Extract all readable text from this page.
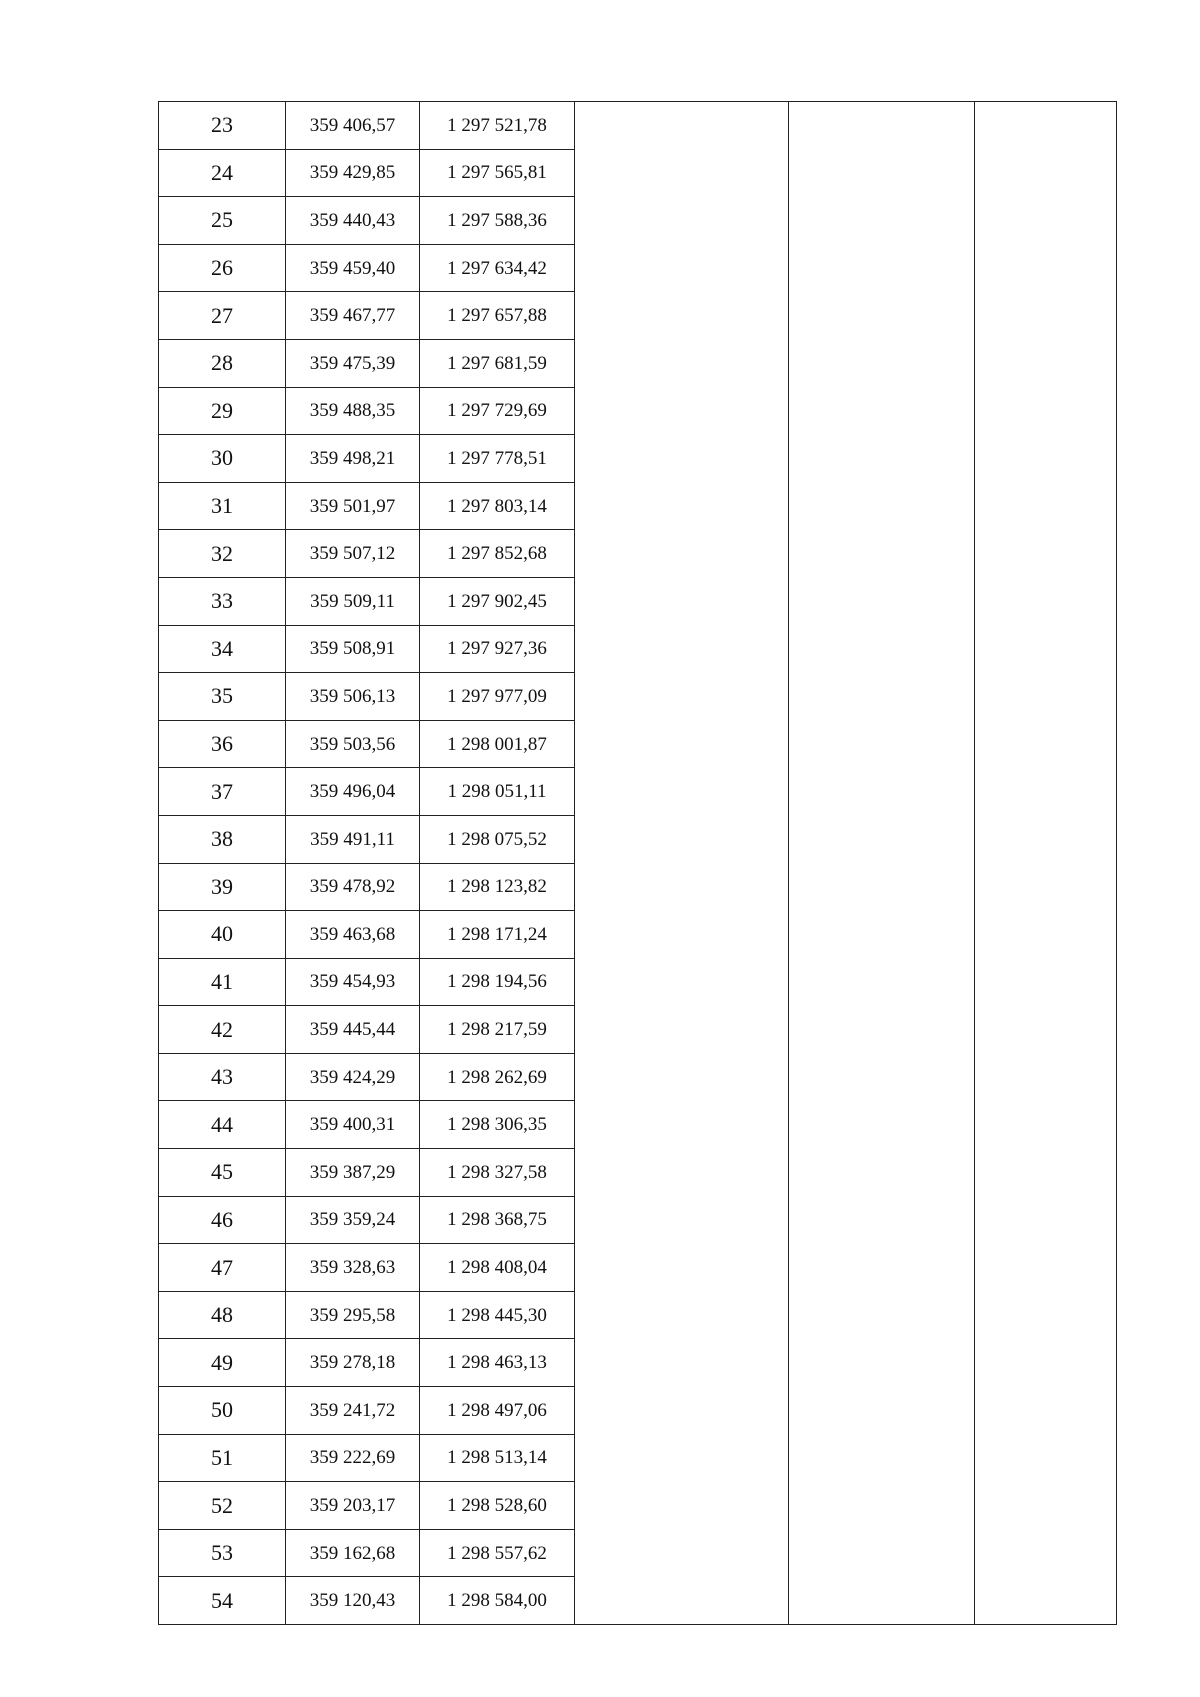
23	359 406,57	1 297 521,78			
24	359 429,85	1 297 565,81			
25	359 440,43	1 297 588,36			
26	359 459,40	1 297 634,42			
27	359 467,77	1 297 657,88			
28	359 475,39	1 297 681,59			
29	359 488,35	1 297 729,69			
30	359 498,21	1 297 778,51			
31	359 501,97	1 297 803,14			
32	359 507,12	1 297 852,68			
33	359 509,11	1 297 902,45			
34	359 508,91	1 297 927,36			
35	359 506,13	1 297 977,09			
36	359 503,56	1 298 001,87			
37	359 496,04	1 298 051,11			
38	359 491,11	1 298 075,52			
39	359 478,92	1 298 123,82			
40	359 463,68	1 298 171,24			
41	359 454,93	1 298 194,56			
42	359 445,44	1 298 217,59			
43	359 424,29	1 298 262,69			
44	359 400,31	1 298 306,35			
45	359 387,29	1 298 327,58			
46	359 359,24	1 298 368,75			
47	359 328,63	1 298 408,04			
48	359 295,58	1 298 445,30			
49	359 278,18	1 298 463,13			
50	359 241,72	1 298 497,06			
51	359 222,69	1 298 513,14			
52	359 203,17	1 298 528,60			
53	359 162,68	1 298 557,62			
54	359 120,43	1 298 584,00			
